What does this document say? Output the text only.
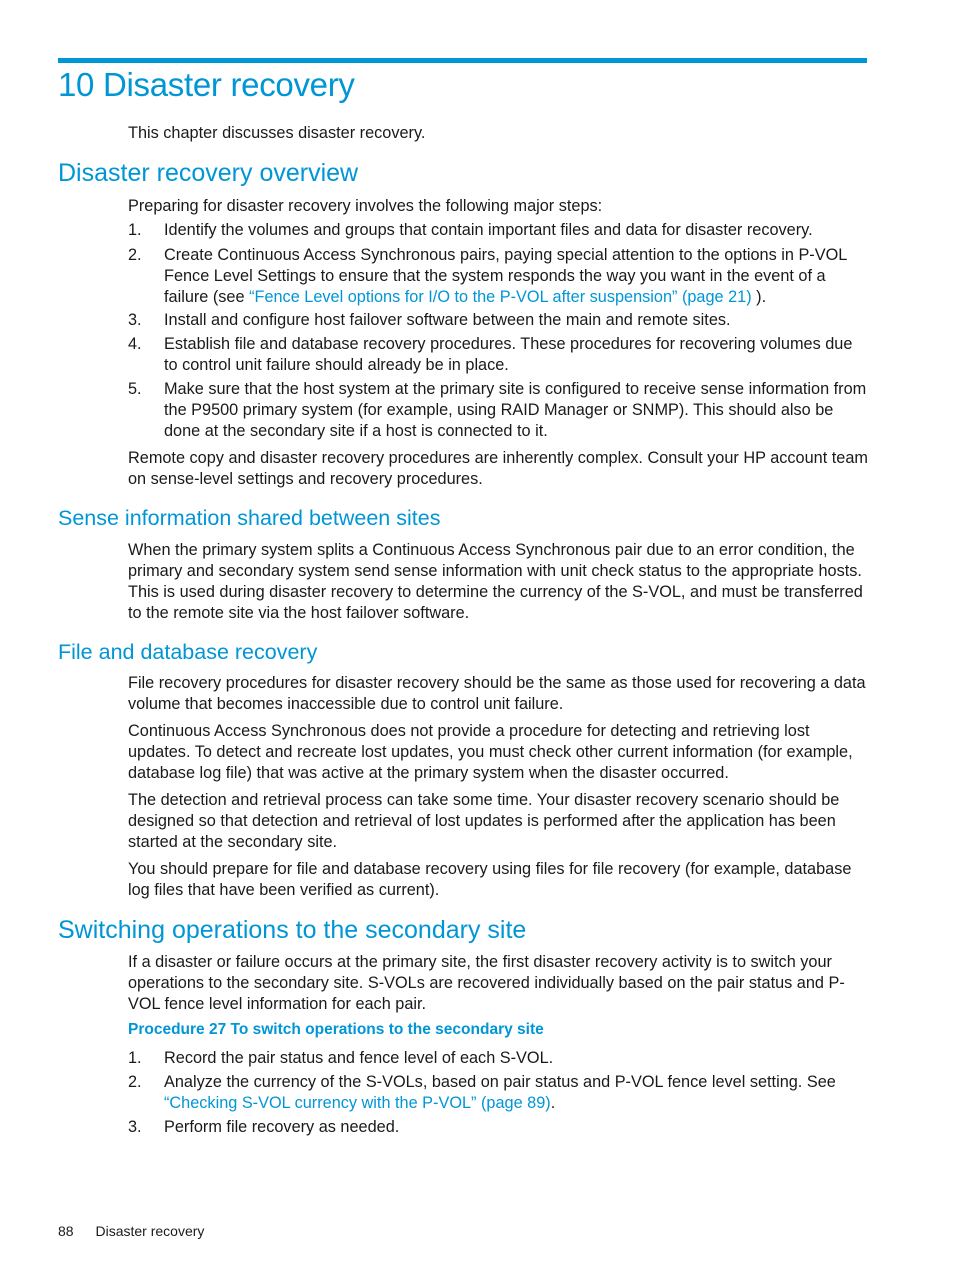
10 Disaster recovery

This chapter discusses disaster recovery.

Disaster recovery overview

Preparing for disaster recovery involves the following major steps:

1. Identify the volumes and groups that contain important files and data for disaster recovery.
2. Create Continuous Access Synchronous pairs, paying special attention to the options in P-VOL Fence Level Settings to ensure that the system responds the way you want in the event of a failure (see “Fence Level options for I/O to the P-VOL after suspension” (page 21) ).
3. Install and configure host failover software between the main and remote sites.
4. Establish file and database recovery procedures. These procedures for recovering volumes due to control unit failure should already be in place.
5. Make sure that the host system at the primary site is configured to receive sense information from the P9500 primary system (for example, using RAID Manager or SNMP). This should also be done at the secondary site if a host is connected to it.

Remote copy and disaster recovery procedures are inherently complex. Consult your HP account team on sense-level settings and recovery procedures.

Sense information shared between sites

When the primary system splits a Continuous Access Synchronous pair due to an error condition, the primary and secondary system send sense information with unit check status to the appropriate hosts. This is used during disaster recovery to determine the currency of the S-VOL, and must be transferred to the remote site via the host failover software.

File and database recovery

File recovery procedures for disaster recovery should be the same as those used for recovering a data volume that becomes inaccessible due to control unit failure.

Continuous Access Synchronous does not provide a procedure for detecting and retrieving lost updates. To detect and recreate lost updates, you must check other current information (for example, database log file) that was active at the primary system when the disaster occurred.

The detection and retrieval process can take some time. Your disaster recovery scenario should be designed so that detection and retrieval of lost updates is performed after the application has been started at the secondary site.

You should prepare for file and database recovery using files for file recovery (for example, database log files that have been verified as current).

Switching operations to the secondary site

If a disaster or failure occurs at the primary site, the first disaster recovery activity is to switch your operations to the secondary site. S-VOLs are recovered individually based on the pair status and P-VOL fence level information for each pair.

Procedure 27 To switch operations to the secondary site
1. Record the pair status and fence level of each S-VOL.
2. Analyze the currency of the S-VOLs, based on pair status and P-VOL fence level setting. See “Checking S-VOL currency with the P-VOL” (page 89).
3. Perform file recovery as needed.
88 Disaster recovery
